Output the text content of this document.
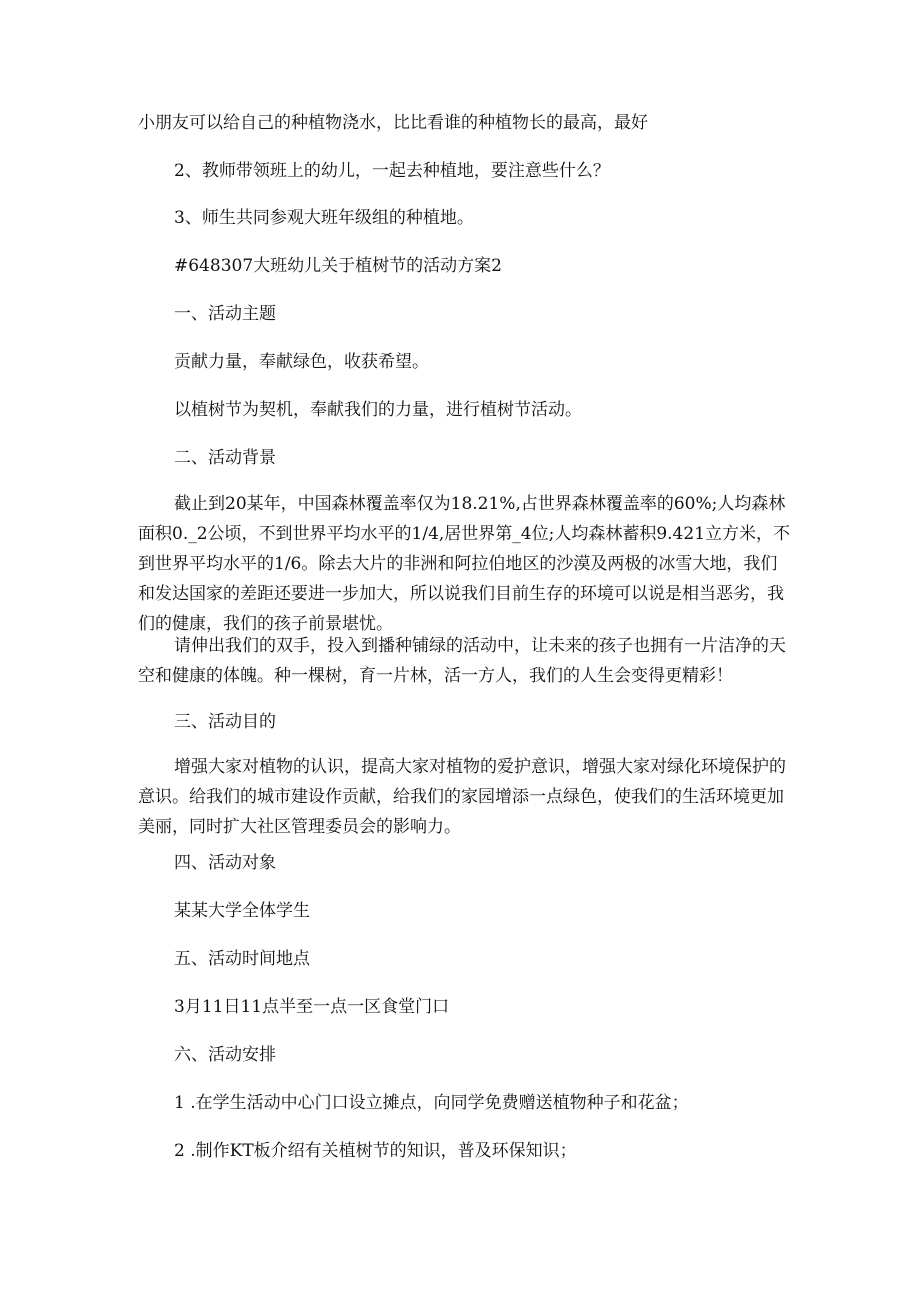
小朋友可以给自己的种植物浇水，比比看谁的种植物长的最高，最好

2、教师带领班上的幼儿，一起去种植地，要注意些什么？

3、师生共同参观大班年级组的种植地。

#648307大班幼儿关于植树节的活动方案2

一、活动主题

贡献力量，奉献绿色，收获希望。

以植树节为契机，奉献我们的力量，进行植树节活动。

二、活动背景

截止到20某年，中国森林覆盖率仅为18.21%,占世界森林覆盖率的60%;人均森林面积0._2公顷，不到世界平均水平的1/4,居世界第_4位;人均森林蓄积9.421立方米，不到世界平均水平的1/6。除去大片的非洲和阿拉伯地区的沙漠及两极的冰雪大地，我们和发达国家的差距还要进一步加大，所以说我们目前生存的环境可以说是相当恶劣，我们的健康，我们的孩子前景堪忧。

请伸出我们的双手，投入到播种铺绿的活动中，让未来的孩子也拥有一片洁净的天空和健康的体魄。种一棵树，育一片林，活一方人，我们的人生会变得更精彩！

三、活动目的

增强大家对植物的认识，提高大家对植物的爱护意识，增强大家对绿化环境保护的意识。给我们的城市建设作贡献，给我们的家园增添一点绿色，使我们的生活环境更加美丽，同时扩大社区管理委员会的影响力。

四、活动对象

某某大学全体学生

五、活动时间地点

3月11日11点半至一点一区食堂门口

六、活动安排

1 .在学生活动中心门口设立摊点，向同学免费赠送植物种子和花盆；

2 .制作KT板介绍有关植树节的知识，普及环保知识；
